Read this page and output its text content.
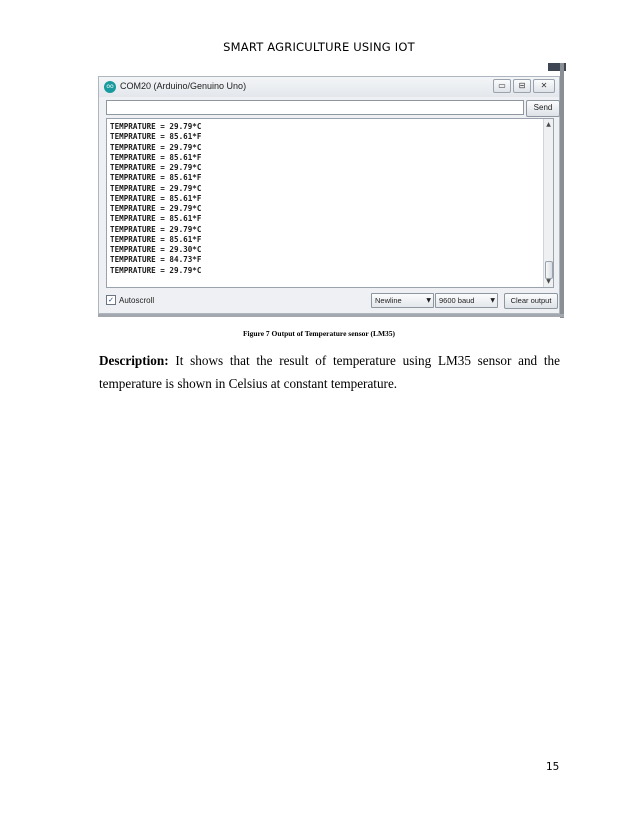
SMART AGRICULTURE USING IOT
oo COM20 (Arduino/Genuino Uno)	▭	⊟	✕
Send
TEMPRATURE = 29.79*C
TEMPRATURE = 85.61*F
TEMPRATURE = 29.79*C
TEMPRATURE = 85.61*F
TEMPRATURE = 29.79*C
TEMPRATURE = 85.61*F
TEMPRATURE = 29.79*C
TEMPRATURE = 85.61*F
TEMPRATURE = 29.79*C
TEMPRATURE = 85.61*F
TEMPRATURE = 29.79*C
TEMPRATURE = 85.61*F
TEMPRATURE = 29.30*C
TEMPRATURE = 84.73*F
TEMPRATURE = 29.79*C
▲
▼
✓ Autoscroll	Newline	▼	9600 baud	▼	Clear output
Figure 7 Output of Temperature sensor (LM35)

Description: It shows that the result of temperature using LM35 sensor and the temperature is shown in Celsius at constant temperature.

15
